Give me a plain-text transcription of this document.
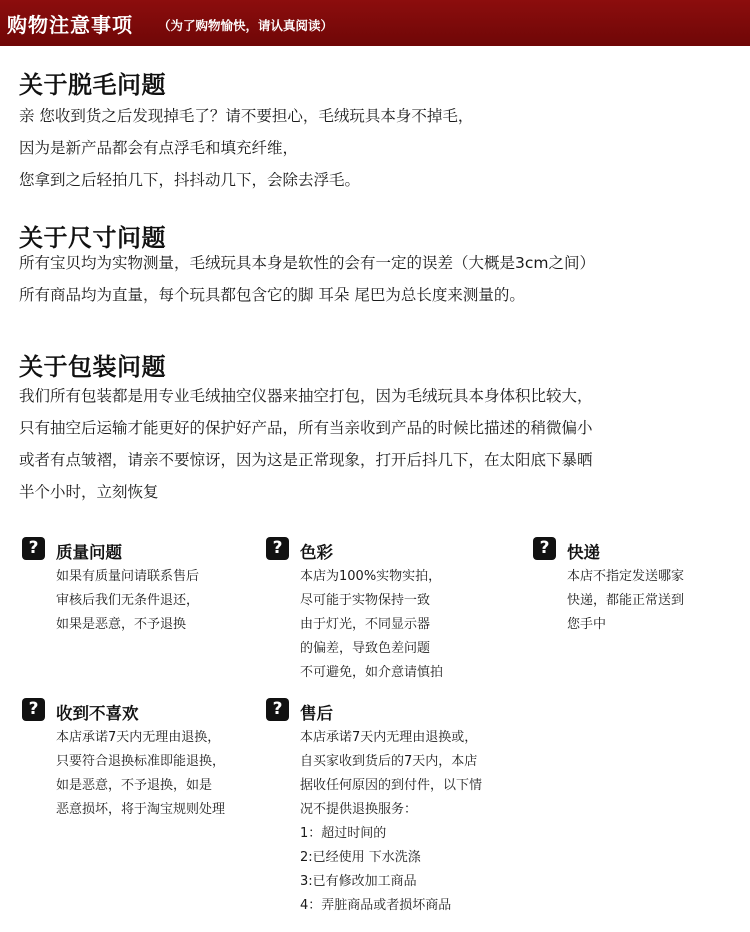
购物注意事项 （为了购物愉快，请认真阅读）
关于脱毛问题
亲 您收到货之后发现掉毛了？请不要担心，毛绒玩具本身不掉毛，
因为是新产品都会有点浮毛和填充纤维，
您拿到之后轻拍几下，抖抖动几下，会除去浮毛。
关于尺寸问题
所有宝贝均为实物测量，毛绒玩具本身是软性的会有一定的误差（大概是3cm之间）
所有商品均为直量，每个玩具都包含它的脚 耳朵 尾巴为总长度来测量的。
关于包装问题
我们所有包装都是用专业毛绒抽空仪器来抽空打包，因为毛绒玩具本身体积比较大，
只有抽空后运输才能更好的保护好产品，所有当亲收到产品的时候比描述的稍微偏小
或者有点皱褶，请亲不要惊讶，因为这是正常现象，打开后抖几下，在太阳底下暴晒
半个小时，立刻恢复
?	质量问题
如果有质量问请联系售后
审核后我们无条件退还，
如果是恶意，不予退换
?	色彩
本店为100%实物实拍，
尽可能于实物保持一致
由于灯光，不同显示器
的偏差，导致色差问题
不可避免，如介意请慎拍
?	快递
本店不指定发送哪家
快递，都能正常送到
您手中
?	收到不喜欢
本店承诺7天内无理由退换，
只要符合退换标准即能退换，
如是恶意，不予退换，如是
恶意损坏，将于淘宝规则处理
?	售后
本店承诺7天内无理由退换或，
自买家收到货后的7天内，本店
据收任何原因的到付件，以下情
况不提供退换服务：
1：超过时间的
2:已经使用 下水洗涤
3:已有修改加工商品
4：弄脏商品或者损坏商品
